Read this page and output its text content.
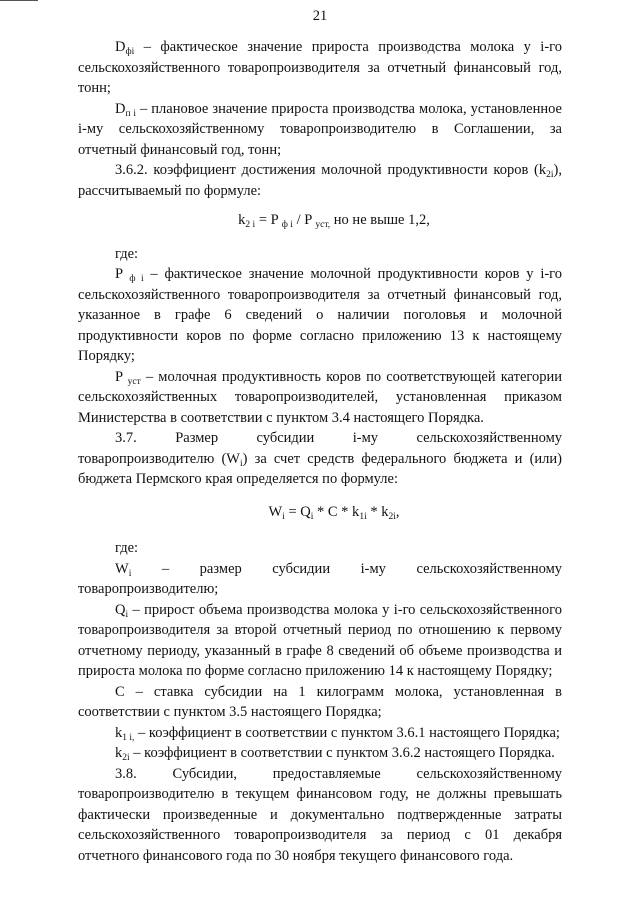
21

$D_{фi}$ – фактическое значение прироста производства молока у i-го сельскохозяйственного товаропроизводителя за отчетный финансовый год, тонн;

$D_{п i}$ – плановое значение прироста производства молока, установленное i-му сельскохозяйственному товаропроизводителю в Соглашении, за отчетный финансовый год, тонн;

3.6.2. коэффициент достижения молочной продуктивности коров $(k_{2i})$, рассчитываемый по формуле:

$k_{2 i} = P$ $_{ф i}$ / P $_{уст,}$ но не выше 1,2,

где:

P $_{ф i}$ – фактическое значение молочной продуктивности коров у i-го сельскохозяйственного товаропроизводителя за отчетный финансовый год, указанное в графе 6 сведений о наличии поголовья и молочной продуктивности коров по форме согласно приложению 13 к настоящему Порядку;

P $_{уст}$ – молочная продуктивность коров по соответствующей категории сельскохозяйственных товаропроизводителей, установленная приказом Министерства в соответствии с пунктом 3.4 настоящего Порядка.

3.7. Размер субсидии i-му сельскохозяйственному товаропроизводителю $(W_i)$ за счет средств федерального бюджета и (или) бюджета Пермского края определяется по формуле:

$W_i = Q_i * C * k_{1i} * k_{2i}$,

где:

$W_i$ – размер субсидии i-му сельскохозяйственному товаропроизводителю;

$Q_i$ – прирост объема производства молока у i-го сельскохозяйственного товаропроизводителя за второй отчетный период по отношению к первому отчетному периоду, указанный в графе 8 сведений об объеме производства и прироста молока по форме согласно приложению 14 к настоящему Порядку;

С – ставка субсидии на 1 килограмм молока, установленная в соответствии с пунктом 3.5 настоящего Порядка;

$k_{1 i,}$ – коэффициент в соответствии с пунктом 3.6.1 настоящего Порядка;

$k_{2i}$ – коэффициент в соответствии с пунктом 3.6.2 настоящего Порядка.

3.8. Субсидии, предоставляемые сельскохозяйственному товаропроизводителю в текущем финансовом году, не должны превышать фактически произведенные и документально подтвержденные затраты сельскохозяйственного товаропроизводителя за период с 01 декабря отчетного финансового года по 30 ноября текущего финансового года.
